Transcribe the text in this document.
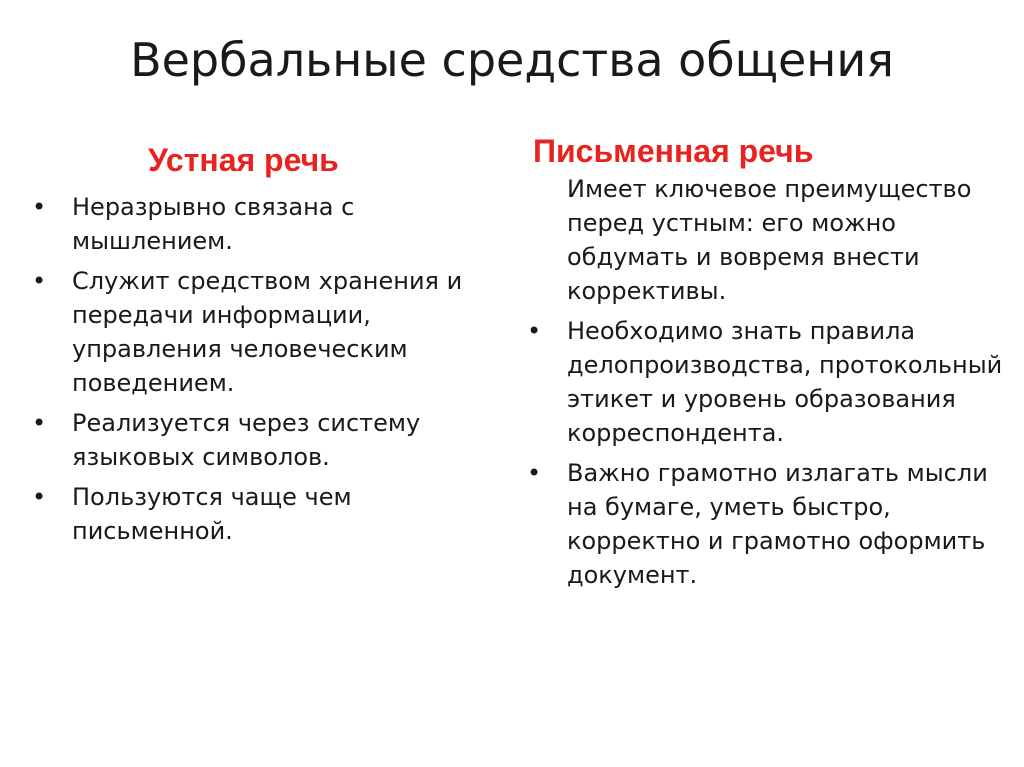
Вербальные средства общения
Устная речь
• Неразрывно связана с мышлением.
• Служит средством хранения и передачи информации, управления человеческим поведением.
• Реализуется через систему языковых символов.
• Пользуются чаще чем письменной.
Письменная речь
Имеет ключевое преимущество перед устным: его можно обдумать и вовремя внести коррективы.
• Необходимо знать правила делопроизводства, протокольный этикет и уровень образования корреспондента.
• Важно грамотно излагать мысли на бумаге, уметь быстро, корректно и грамотно оформить документ.
